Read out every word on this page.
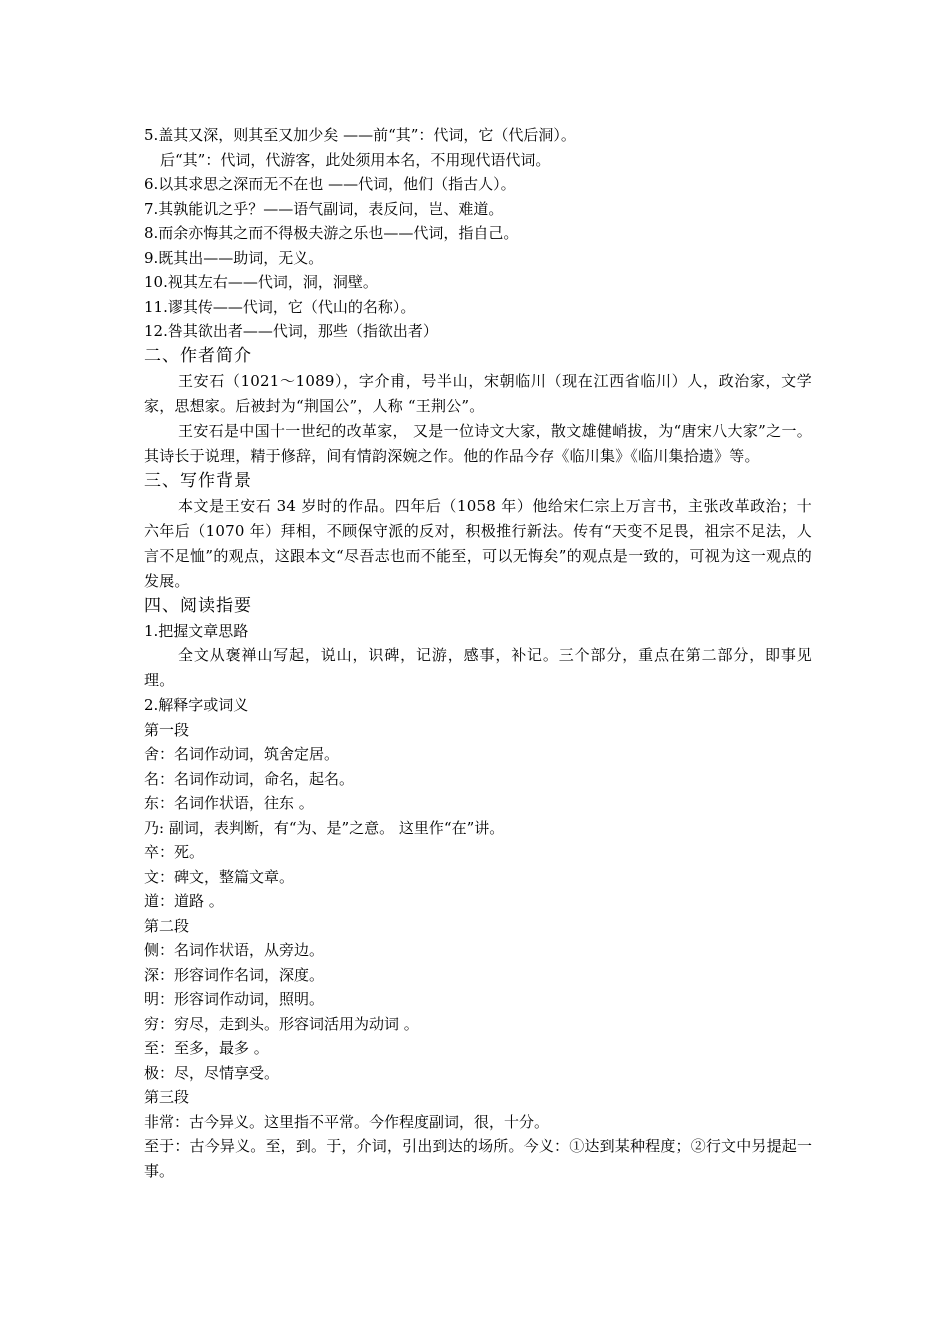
5.盖其又深，则其至又加少矣 ——前“其”：代词，它（代后洞）。
后“其”：代词，代游客，此处须用本名，不用现代语代词。
6.以其求思之深而无不在也 ——代词，他们（指古人）。
7.其孰能讥之乎？——语气副词，表反问，岂、难道。
8.而余亦悔其之而不得极夫游之乐也——代词，指自己。
9.既其出——助词，无义。
10.视其左右——代词，洞，洞壁。
11.谬其传——代词，它（代山的名称）。
12.咎其欲出者——代词，那些（指欲出者）
二、作者简介

王安石（1021～1089），字介甫，号半山，宋朝临川（现在江西省临川）人，政治家，文学家，思想家。后被封为“荆国公”，人称 “王荆公”。

王安石是中国十一世纪的改革家， 又是一位诗文大家，散文雄健峭拔，为“唐宋八大家”之一。其诗长于说理，精于修辞，间有情韵深婉之作。他的作品今存《临川集》《临川集拾遗》等。

三、写作背景

本文是王安石 34 岁时的作品。四年后（1058 年）他给宋仁宗上万言书，主张改革政治；十六年后（1070 年）拜相，不顾保守派的反对，积极推行新法。传有“天变不足畏，祖宗不足法，人言不足恤”的观点，这跟本文“尽吾志也而不能至，可以无悔矣”的观点是一致的，可视为这一观点的发展。

四、阅读指要
1.把握文章思路

全文从褒禅山写起，说山，识碑，记游，感事，补记。三个部分，重点在第二部分，即事见理。

2.解释字或词义
第一段
舍：名词作动词，筑舍定居。
名：名词作动词，命名，起名。
东：名词作状语，往东 。
乃: 副词，表判断，有“为、是”之意。 这里作“在”讲。
卒：死。
文：碑文，整篇文章。
道：道路 。
第二段
侧：名词作状语，从旁边。
深：形容词作名词，深度。
明：形容词作动词，照明。
穷：穷尽，走到头。形容词活用为动词 。
至：至多，最多 。
极：尽，尽情享受。
第三段
非常：古今异义。这里指不平常。今作程度副词，很，十分。

至于：古今异义。至，到。于，介词，引出到达的场所。今义：①达到某种程度；②行文中另提起一事。
